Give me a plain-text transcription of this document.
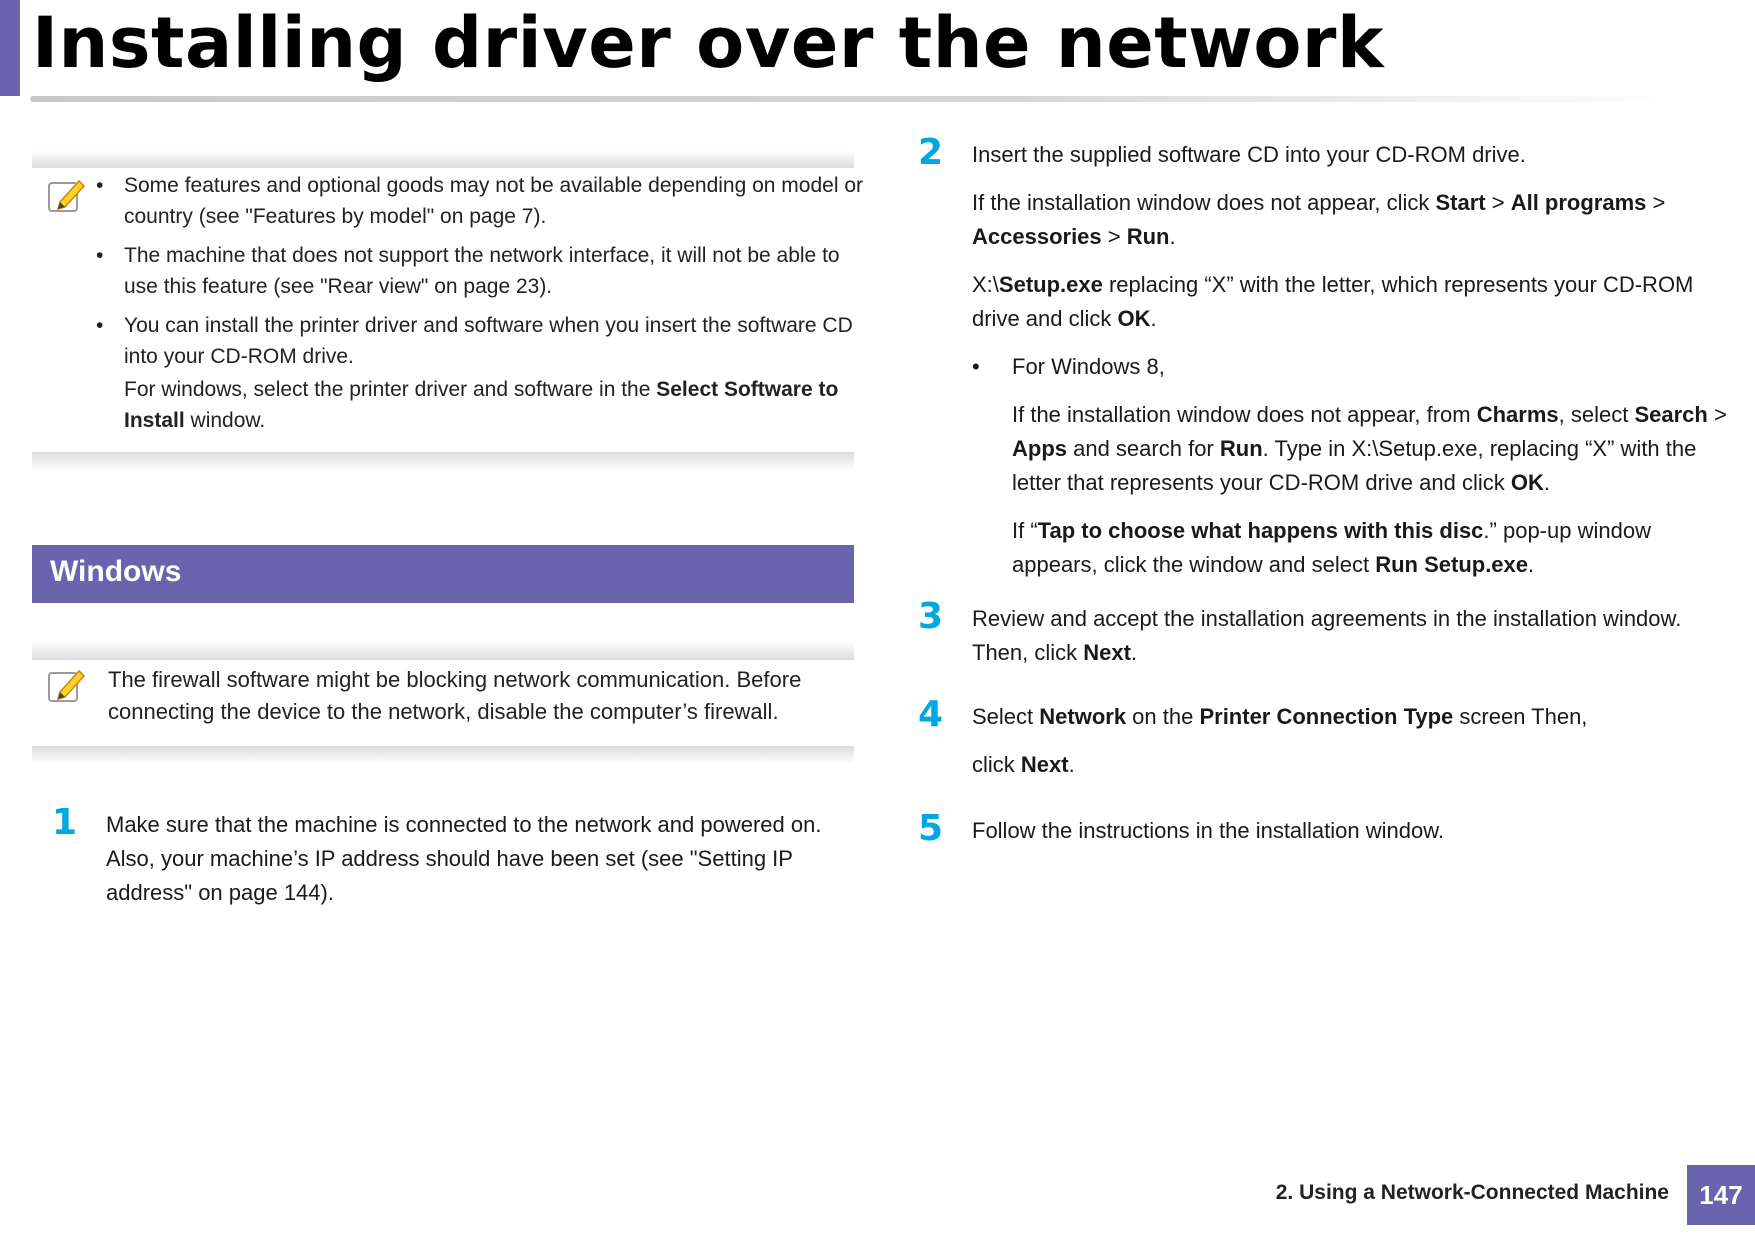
Installing driver over the network
• Some features and optional goods may not be available depending on model or country (see "Features by model" on page 7).
• The machine that does not support the network interface, it will not be able to use this feature (see "Rear view" on page 23).
• You can install the printer driver and software when you insert the software CD into your CD-ROM drive.
For windows, select the printer driver and software in the Select Software to Install window.
Windows
The firewall software might be blocking network communication. Before connecting the device to the network, disable the computer’s firewall.
1 Make sure that the machine is connected to the network and powered on. Also, your machine’s IP address should have been set (see "Setting IP address" on page 144).

2 Insert the supplied software CD into your CD-ROM drive.

If the installation window does not appear, click Start > All programs > Accessories > Run.

X:\Setup.exe replacing “X” with the letter, which represents your CD-ROM drive and click OK.

• For Windows 8,

If the installation window does not appear, from Charms, select Search > Apps and search for Run. Type in X:\Setup.exe, replacing “X” with the letter that represents your CD-ROM drive and click OK.

If “Tap to choose what happens with this disc.” pop-up window appears, click the window and select Run Setup.exe.

3 Review and accept the installation agreements in the installation window. Then, click Next.

4 Select Network on the Printer Connection Type screen Then,

click Next.

5 Follow the instructions in the installation window.

2. Using a Network-Connected Machine	147
